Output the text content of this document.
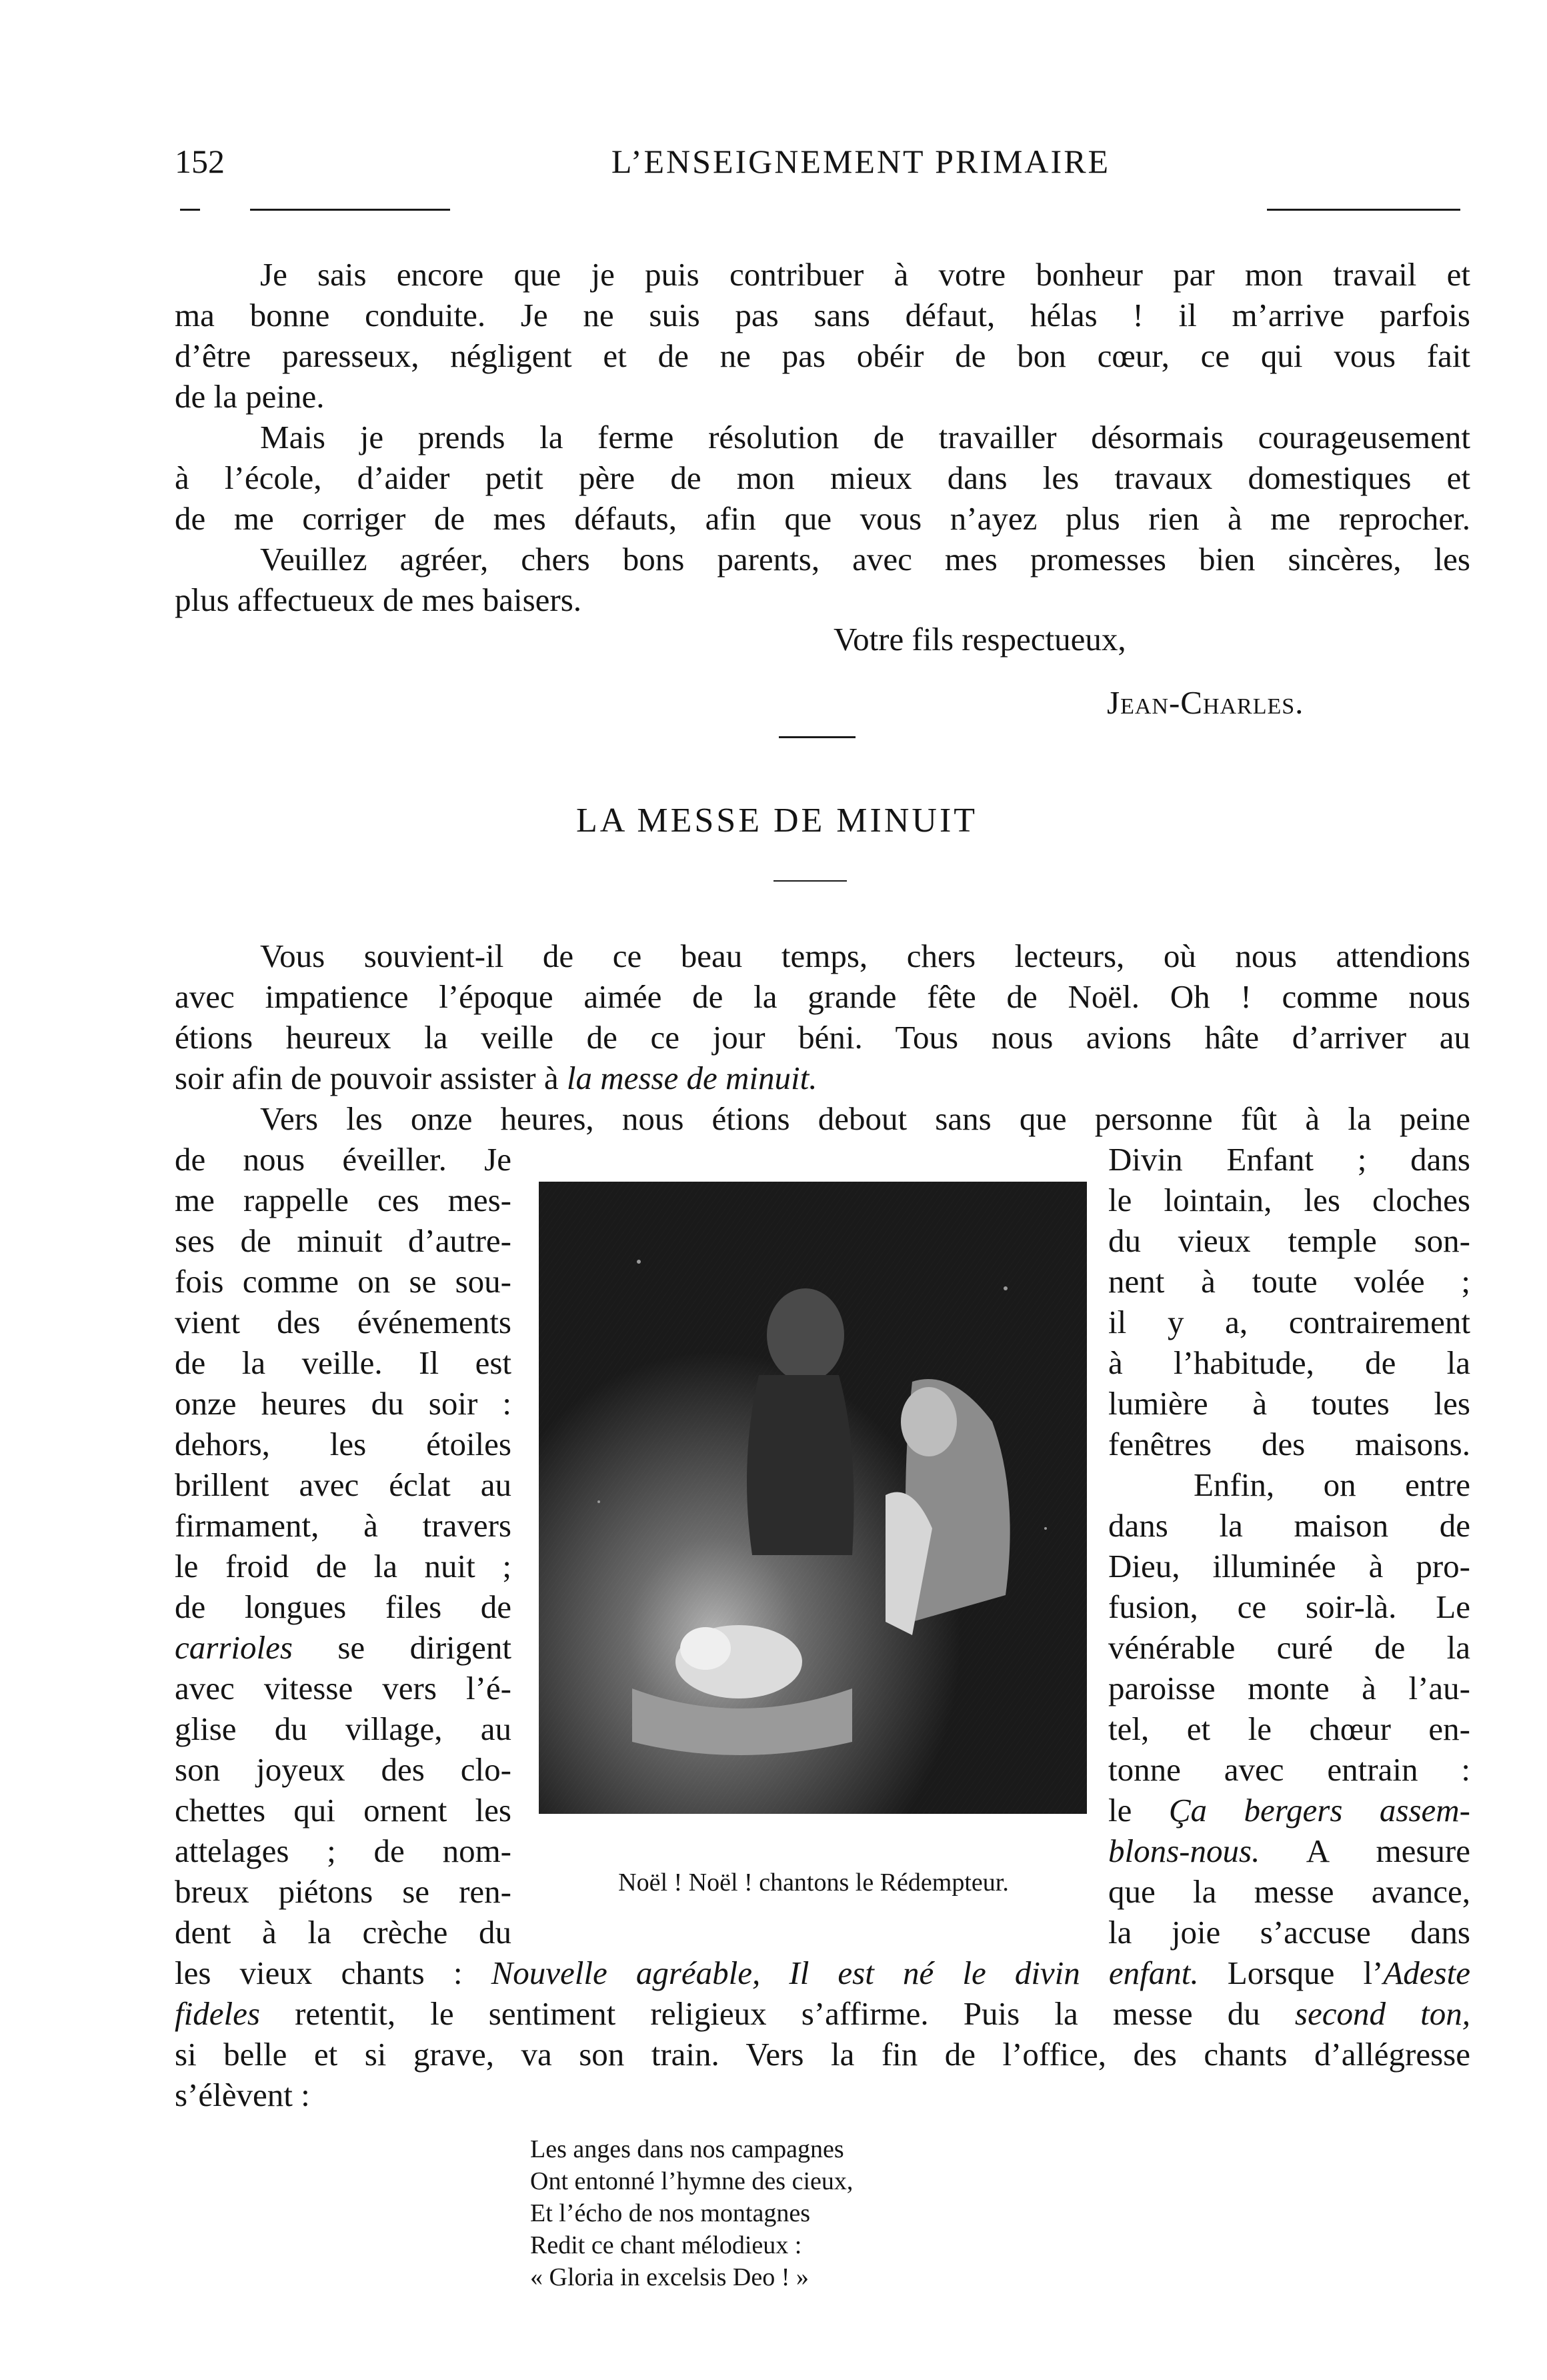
152	L’ENSEIGNEMENT PRIMAIRE
Je sais encore que je puis contribuer à votre bonheur par mon travail et
ma bonne conduite. Je ne suis pas sans défaut, hélas ! il m’arrive parfois
d’être paresseux, négligent et de ne pas obéir de bon cœur, ce qui vous fait
de la peine.
Mais je prends la ferme résolution de travailler désormais courageusement
à l’école, d’aider petit père de mon mieux dans les travaux domestiques et
de me corriger de mes défauts, afin que vous n’ayez plus rien à me reprocher.
Veuillez agréer, chers bons parents, avec mes promesses bien sincères, les
plus affectueux de mes baisers.
Votre fils respectueux,
Jean-Charles.
LA MESSE DE MINUIT
Vous souvient-il de ce beau temps, chers lecteurs, où nous attendions
avec impatience l’époque aimée de la grande fête de Noël. Oh ! comme nous
étions heureux la veille de ce jour béni. Tous nous avions hâte d’arriver au
soir afin de pouvoir assister à la messe de minuit.
Vers les onze heures, nous étions debout sans que personne fût à la peine
de nous éveiller. Je
me rappelle ces mes-
ses de minuit d’autre-
fois comme on se sou-
vient des événements
de la veille. Il est
onze heures du soir :
dehors, les étoiles
brillent avec éclat au
firmament, à travers
le froid de la nuit ;
de longues files de
carrioles se dirigent
avec vitesse vers l’é-
glise du village, au
son joyeux des clo-
chettes qui ornent les
attelages ; de nom-
breux piétons se ren-
dent à la crèche du
Divin Enfant ; dans
le lointain, les cloches
du vieux temple son-
nent à toute volée ;
il y a, contrairement
à l’habitude, de la
lumière à toutes les
fenêtres des maisons.
Enfin, on entre
dans la maison de
Dieu, illuminée à pro-
fusion, ce soir-là. Le
vénérable curé de la
paroisse monte à l’au-
tel, et le chœur en-
tonne avec entrain :
le Ça bergers assem-
blons-nous. A mesure
que la messe avance,
la joie s’accuse dans
Noël ! Noël ! chantons le Rédempteur.
les vieux chants : Nouvelle agréable, Il est né le divin enfant. Lorsque l’Adeste
fideles retentit, le sentiment religieux s’affirme. Puis la messe du second ton,
si belle et si grave, va son train. Vers la fin de l’office, des chants d’allégresse
s’élèvent :
Les anges dans nos campagnes
Ont entonné l’hymne des cieux,
Et l’écho de nos montagnes
Redit ce chant mélodieux :
« Gloria in excelsis Deo ! »
